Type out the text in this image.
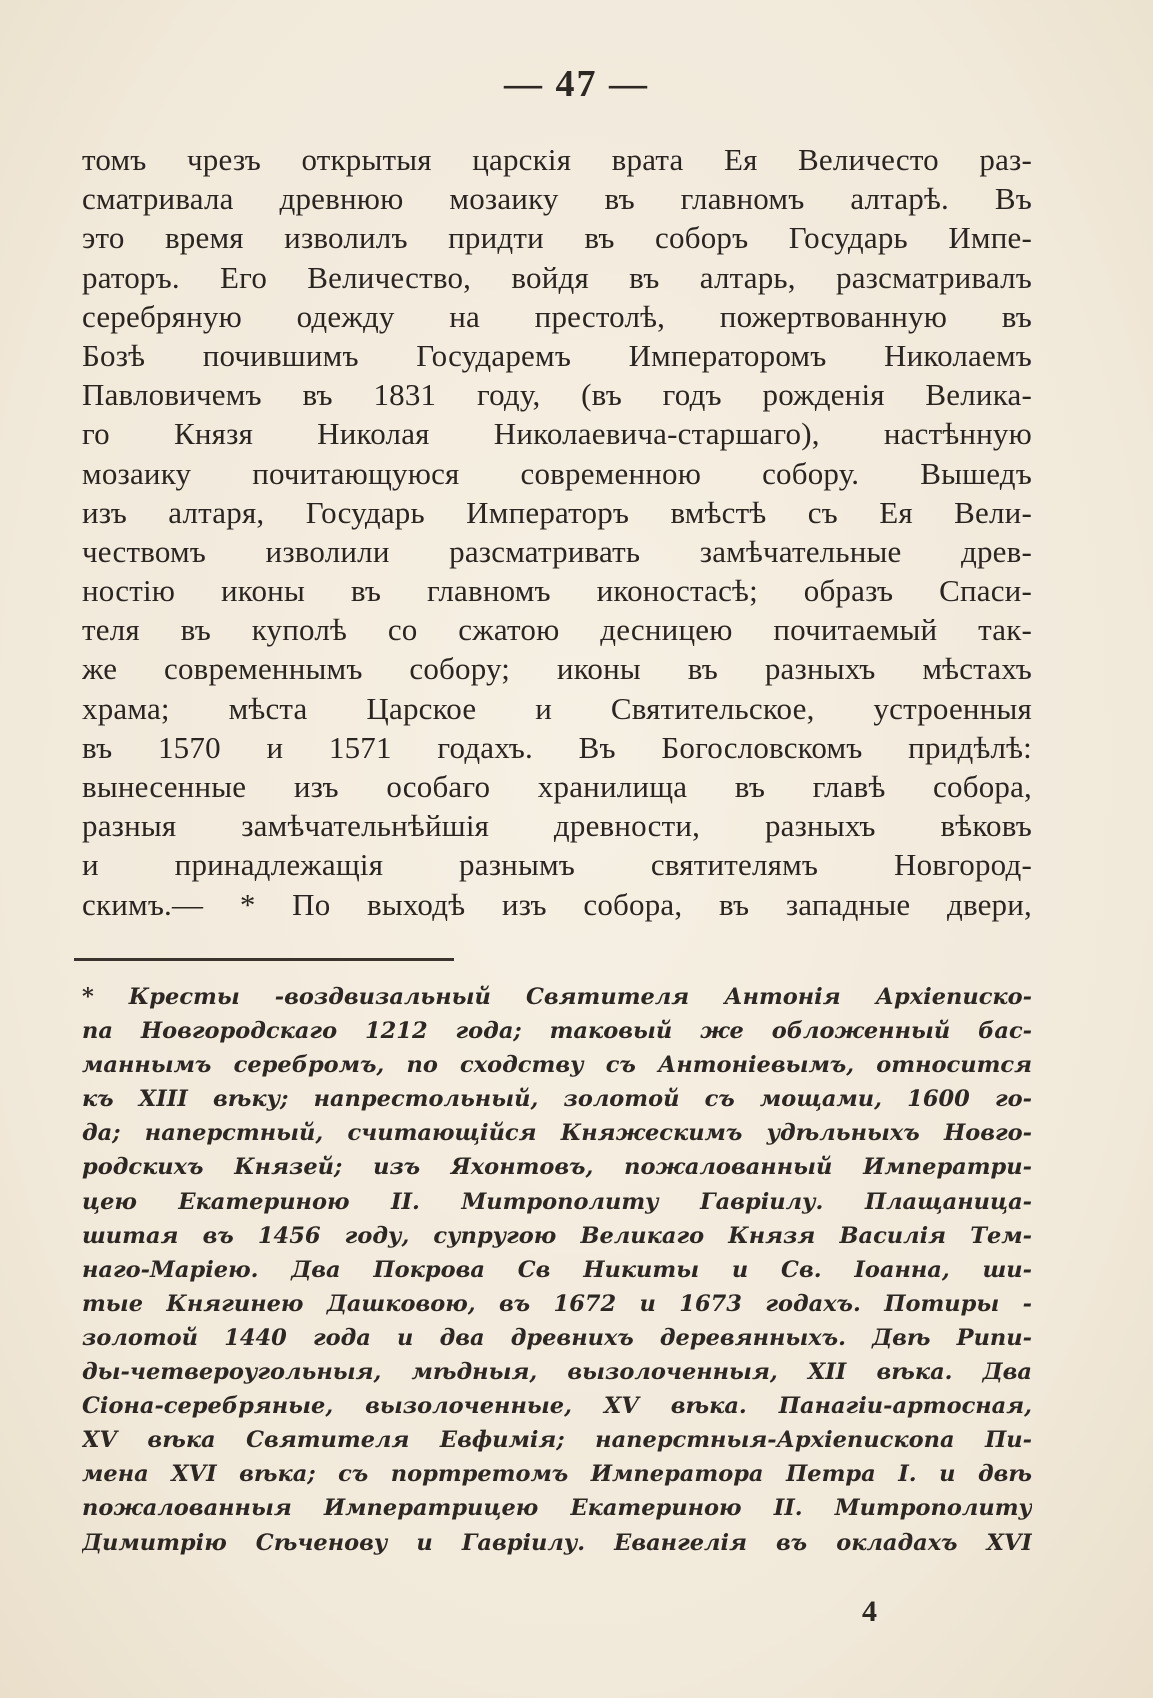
— 47 —
томъ чрезъ открытыя царскія врата Ея Величесто раз-
сматривала древнюю мозаику въ главномъ алтарѣ. Въ
это время изволилъ придти въ соборъ Государь Импе-
раторъ. Его Величество, войдя въ алтарь, разсматривалъ
серебряную одежду на престолѣ, пожертвованную въ
Бозѣ почившимъ Государемъ Императоромъ Николаемъ
Павловичемъ въ 1831 году, (въ годъ рожденія Велика-
го Князя Николая Николаевича-старшаго), настѣнную
мозаику почитающуюся современною собору. Вышедъ
изъ алтаря, Государь Императоръ вмѣстѣ съ Ея Вели-
чествомъ изволили разсматривать замѣчательные древ-
ностію иконы въ главномъ иконостасѣ; образъ Спаси-
теля въ куполѣ со сжатою десницею почитаемый так-
же современнымъ собору; иконы въ разныхъ мѣстахъ
храма; мѣста Царское и Святительское, устроенныя
въ 1570 и 1571 годахъ. Въ Богословскомъ придѣлѣ:
вынесенные изъ особаго хранилища въ главѣ собора,
разныя замѣчательнѣйшія древности, разныхъ вѣковъ
и принадлежащія разнымъ святителямъ Новгород-
скимъ.— * По выходѣ изъ собора, въ западные двери,
* Кресты -воздвизальный Святителя Антонія Архіеписко-
па Новгородскаго 1212 года; таковый же обложенный бас-
маннымъ серебромъ, по сходству съ Антоніевымъ, относится
къ XIII вѣку; напрестольный, золотой съ мощами, 1600 го-
да; наперстный, считающійся Княжескимъ удѣльныхъ Новго-
родскихъ Князей; изъ Яхонтовъ, пожалованный Императри-
цею Екатериною II. Митрополиту Гаврiилу. Плащаница-
шитая въ 1456 году, супругою Великаго Князя Василія Тем-
наго-Маріею. Два Покрова Св Никиты и Св. Іоанна, ши-
тые Княгинею Дашковою, въ 1672 и 1673 годахъ. Потиры -
золотой 1440 года и два древнихъ деревянныхъ. Двѣ Рипи-
ды-четвероугольныя, мѣдныя, вызолоченныя, XII вѣка. Два
Сіона-серебряные, вызолоченные, XV вѣка. Панагіи-артосная,
XV вѣка Святителя Евфимія; наперстныя-Архіепископа Пи-
мена XVI вѣка; съ портретомъ Императора Петра I. и двѣ
пожалованныя Императрицею Екатериною II. Митрополиту
Димитрію Сѣченову и Гаврiилу. Евангелія въ окладахъ XVI
4
